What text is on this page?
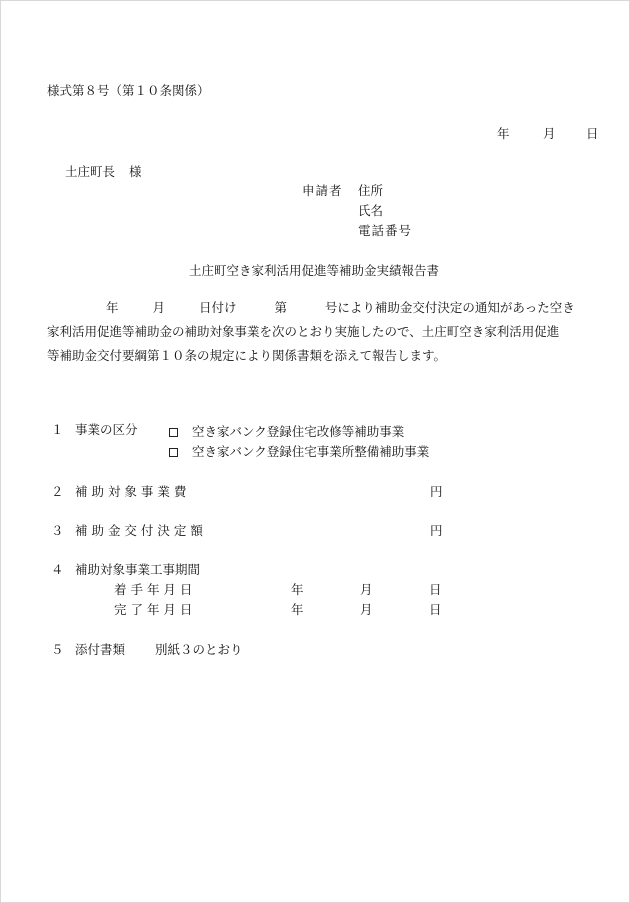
様式第８号（第１０条関係）
年	月 日
土庄町長 様
申請者 住所
氏名
電話番号
土庄町空き家利活用促進等補助金実績報告書
年	月	日付け	第	号により補助金交付決定の通知があった空き
家利活用促進等補助金の補助対象事業を次のとおり実施したので、土庄町空き家利活用促進
等補助金交付要綱第１０条の規定により関係書類を添えて報告します。
１ 事業の区分	空き家バンク登録住宅改修等補助事業
空き家バンク登録住宅事業所整備補助事業
２ 補 助 対 象 事 業 費	円
３ 補 助 金 交 付 決 定 額	円
４ 補助対象事業工事期間
着 手 年 月 日	年	月	日
完 了 年 月 日	年	月	日
５ 添付書類 別紙３のとおり
